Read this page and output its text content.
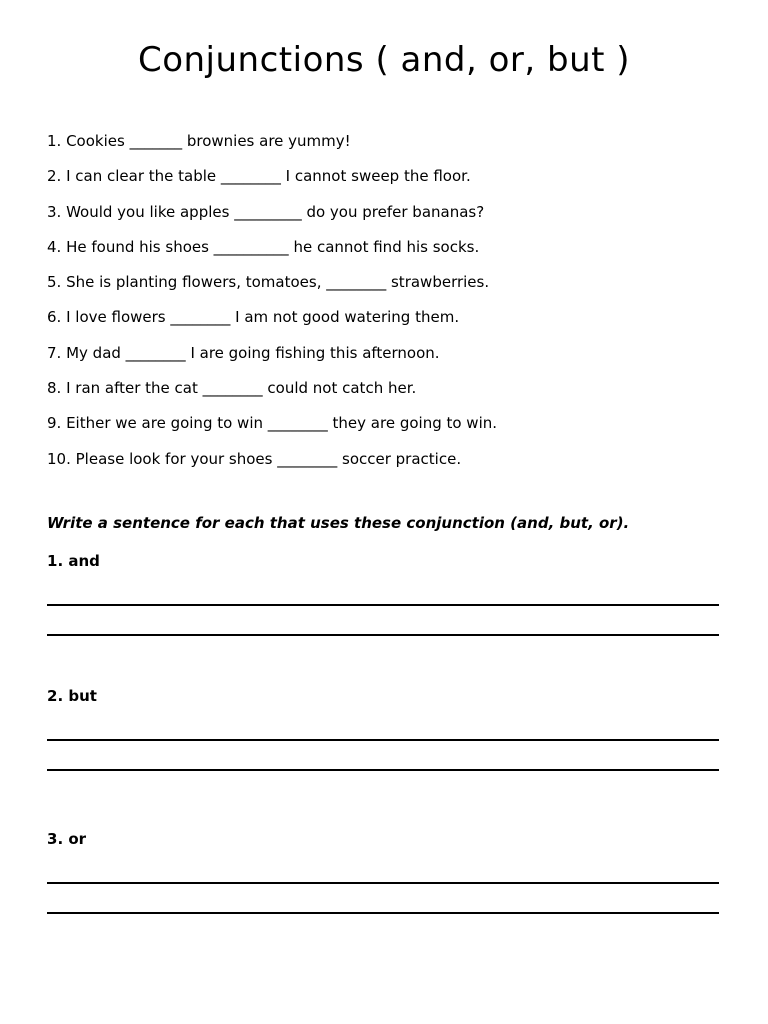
Conjunctions ( and, or, but )
1. Cookies _______ brownies are yummy!
2. I can clear the table ________ I cannot sweep the floor.
3. Would you like apples _________ do you prefer bananas?
4. He found his shoes __________ he cannot find his socks.
5. She is planting flowers, tomatoes, ________ strawberries.
6. I love flowers ________ I am not good watering them.
7. My dad ________ I are going fishing this afternoon.
8. I ran after the cat ________ could not catch her.
9. Either we are going to win ________ they are going to win.
10. Please look for your shoes ________ soccer practice.
Write a sentence for each that uses these conjunction (and, but, or).
1. and
2. but
3. or
